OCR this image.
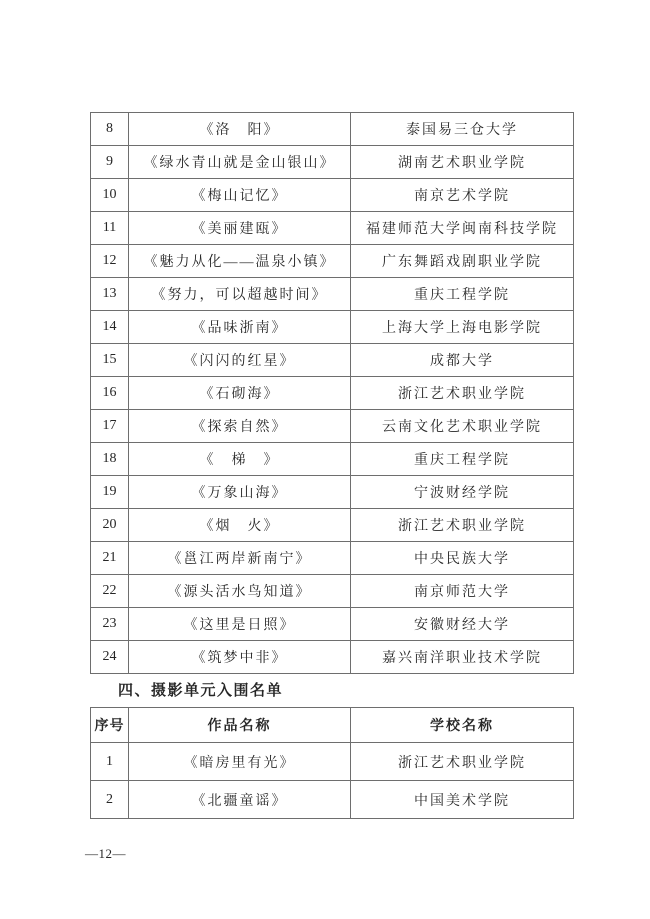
8	《洛　阳》	泰国易三仓大学
9	《绿水青山就是金山银山》	湖南艺术职业学院
10	《梅山记忆》	南京艺术学院
11	《美丽建瓯》	福建师范大学闽南科技学院
12	《魅力从化——温泉小镇》	广东舞蹈戏剧职业学院
13	《努力，可以超越时间》	重庆工程学院
14	《品味浙南》	上海大学上海电影学院
15	《闪闪的红星》	成都大学
16	《石砌海》	浙江艺术职业学院
17	《探索自然》	云南文化艺术职业学院
18	《　梯　》	重庆工程学院
19	《万象山海》	宁波财经学院
20	《烟　火》	浙江艺术职业学院
21	《邕江两岸新南宁》	中央民族大学
22	《源头活水鸟知道》	南京师范大学
23	《这里是日照》	安徽财经大学
24	《筑梦中非》	嘉兴南洋职业技术学院
四、摄影单元入围名单
序号	作品名称	学校名称
1	《暗房里有光》	浙江艺术职业学院
2	《北疆童谣》	中国美术学院
—12—
